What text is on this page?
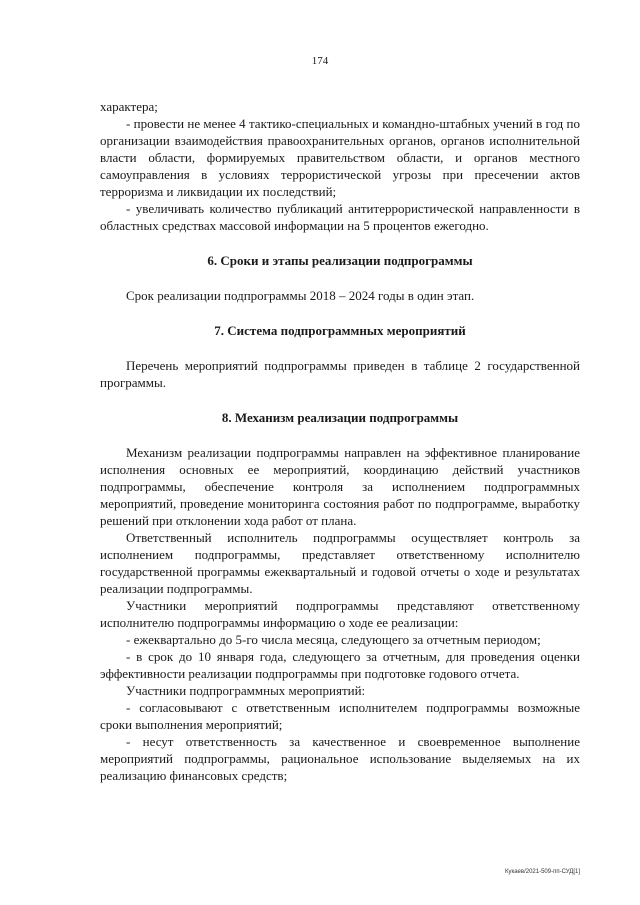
174

характера;

- провести не менее 4 тактико-специальных и командно-штабных учений в год по организации взаимодействия правоохранительных органов, органов исполнительной власти области, формируемых правительством области, и органов местного самоуправления в условиях террористической угрозы при пресечении актов терроризма и ликвидации их последствий;

- увеличивать количество публикаций антитеррористической направленности в областных средствах массовой информации на 5 процентов ежегодно.

6. Сроки и этапы реализации подпрограммы

Срок реализации подпрограммы 2018 – 2024 годы в один этап.

7. Система подпрограммных мероприятий

Перечень мероприятий подпрограммы приведен в таблице 2 государственной программы.

8. Механизм реализации подпрограммы

Механизм реализации подпрограммы направлен на эффективное планирование исполнения основных ее мероприятий, координацию действий участников подпрограммы, обеспечение контроля за исполнением подпрограммных мероприятий, проведение мониторинга состояния работ по подпрограмме, выработку решений при отклонении хода работ от плана.

Ответственный исполнитель подпрограммы осуществляет контроль за исполнением подпрограммы, представляет ответственному исполнителю государственной программы ежеквартальный и годовой отчеты о ходе и результатах реализации подпрограммы.

Участники мероприятий подпрограммы представляют ответственному исполнителю подпрограммы информацию о ходе ее реализации:

- ежеквартально до 5-го числа месяца, следующего за отчетным периодом;

- в срок до 10 января года, следующего за отчетным, для проведения оценки эффективности реализации подпрограммы при подготовке годового отчета.

Участники подпрограммных мероприятий:

- согласовывают с ответственным исполнителем подпрограммы возможные сроки выполнения мероприятий;

- несут ответственность за качественное и своевременное выполнение мероприятий подпрограммы, рациональное использование выделяемых на их реализацию финансовых средств;

Кукаев/2021-509-пп-СУД[1]
